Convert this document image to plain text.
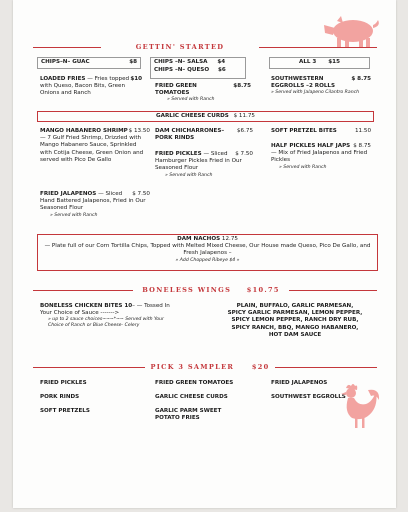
GETTIN' STARTED
CHIPS–N– GUAC	$8	CHIPS –N– SALSA $4
CHIPS –N– QUESO $6
ALL 3 $15
$10
LOADED FRIES — Fries topped with Queso, Bacon Bits, Green Onions and Ranch
$8.75
FRIED GREEN TOMATOES
» Served with Ranch
$ 8.75
SOUTHWESTERN EGGROLLS –2 ROLLS
» Served with Jalapeno Cilantro Ranch
GARLIC CHEESE CURDS $ 11.75
$ 13.50
MANGO HABANERO SHRIMP — 7 Gulf Fried Shrimp, Drizzled with Mango Habanero Sauce, Sprinkled with Cotija Cheese, Green Onion and served with Pico De Gallo
$6.75
DAM CHICHARRONES– PORK RINDS
SOFT PRETZEL BITES	11.50
$ 7.50
FRIED PICKLES — Sliced Hamburger Pickles Fried in Our Seasoned Flour
» Served with Ranch
$ 8.75
HALF PICKLES HALF JAPS — Mix of Fried Jalapenos and Fried Pickles
» Served with Ranch
$ 7.50
FRIED JALAPENOS — Sliced Hand Battered Jalapenos, Fried in Our Seasoned Flour
» Served with Ranch
DAM NACHOS 12.75
— Plate full of our Corn Tortilla Chips, Topped with Melted Mixed Cheese, Our House made Queso, Pico De Gallo, and Fresh Jalapenos –
» Add Chopped Ribeye $4 »
BONELESS WINGS $10.75
BONELESS CHICKEN BITES 10– — Tossed In Your Choice of Sauce ------->
» up to 2 sauce choices~~~*~~ Served with Your Choice of Ranch or Blue Cheese- Celery
PLAIN, BUFFALO, GARLIC PARMESAN,
SPICY GARLIC PARMESAN, LEMON PEPPER,
SPICY LEMON PEPPER, RANCH DRY RUB,
SPICY RANCH, BBQ, MANGO HABANERO,
HOT DAM SAUCE
PICK 3 SAMPLER	$20
FRIED PICKLES
PORK RINDS
SOFT PRETZELS
FRIED GREEN TOMATOES
GARLIC CHEESE CURDS
GARLIC PARM SWEET POTATO FRIES
FRIED JALAPENOS
SOUTHWEST EGGROLLS
